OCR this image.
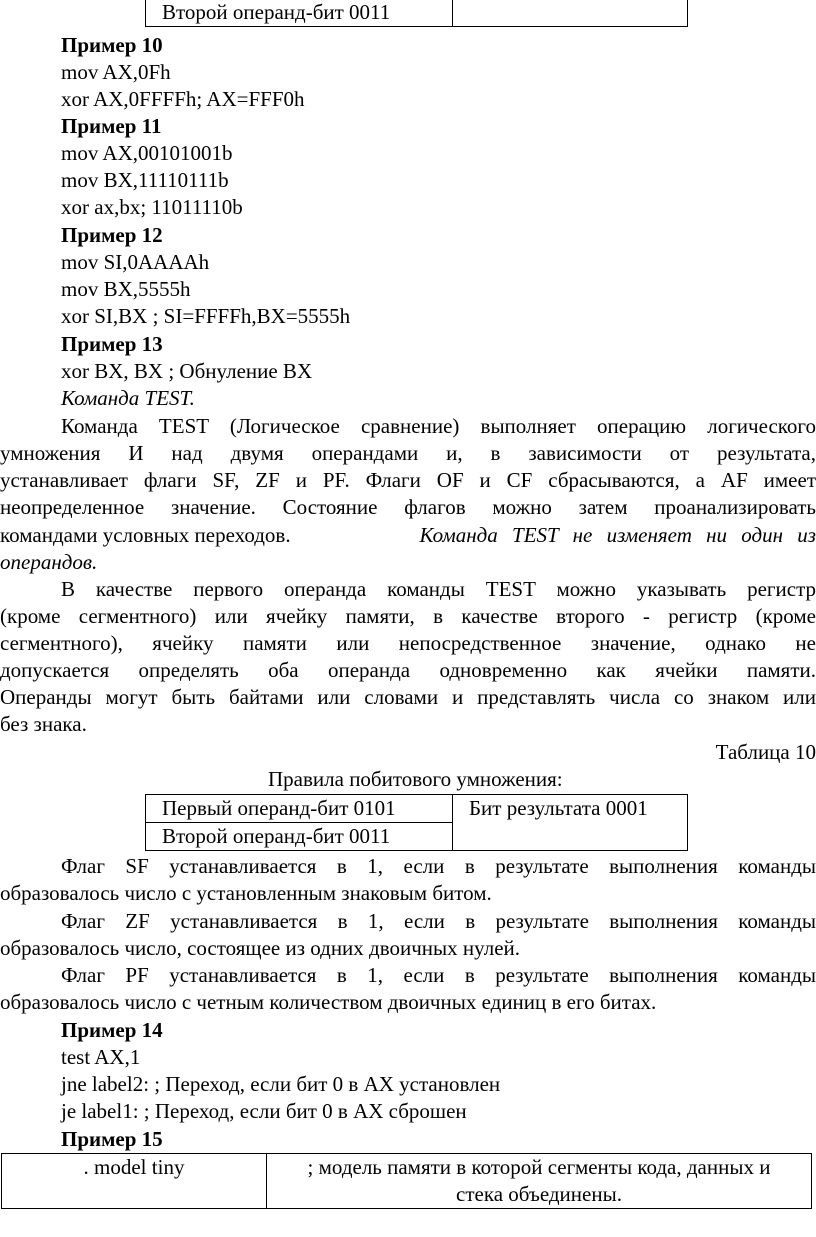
Второй операнд-бит 0011	
Пример 10
mov AX,0Fh
xor AX,0FFFFh; AX=FFF0h
Пример 11
mov AX,00101001b
mov BX,11110111b
xor ax,bx; 11011110b
Пример 12
mov SI,0AAAAh
mov BX,5555h
xor SI,BX ; SI=FFFFh,BX=5555h
Пример 13
xor BX, BX ; Обнуление BX
Команда TEST.
Команда TEST (Логическое сравнение) выполняет операцию логического
умножения И над двумя операндами и, в зависимости от результата,
устанавливает флаги SF, ZF и PF. Флаги OF и CF сбрасываются, а AF имеет
неопределенное значение. Состояние флагов можно затем проанализировать
командами условных переходов.	Команда TEST не изменяет ни один из
операндов.
В качестве первого операнда команды TEST можно указывать регистр
(кроме сегментного) или ячейку памяти, в качестве второго - регистр (кроме
сегментного), ячейку памяти или непосредственное значение, однако не
допускается определять оба операнда одновременно как ячейки памяти.
Операнды могут быть байтами или словами и представлять числа со знаком или
без знака.
Таблица 10
Правила побитового умножения:
Первый операнд-бит 0101	Бит результата 0001
Второй операнд-бит 0011
Флаг SF устанавливается в 1, если в результате выполнения команды
образовалось число с установленным знаковым битом.
Флаг ZF устанавливается в 1, если в результате выполнения команды
образовалось число, состоящее из одних двоичных нулей.
Флаг PF устанавливается в 1, если в результате выполнения команды
образовалось число с четным количеством двоичных единиц в его битах.
Пример 14
test AX,1
jne label2: ; Переход, если бит 0 в AX установлен
je label1: ; Переход, если бит 0 в AX сброшен
Пример 15
. model tiny	; модель памяти в которой сегменты кода, данных и
стека объединены.
